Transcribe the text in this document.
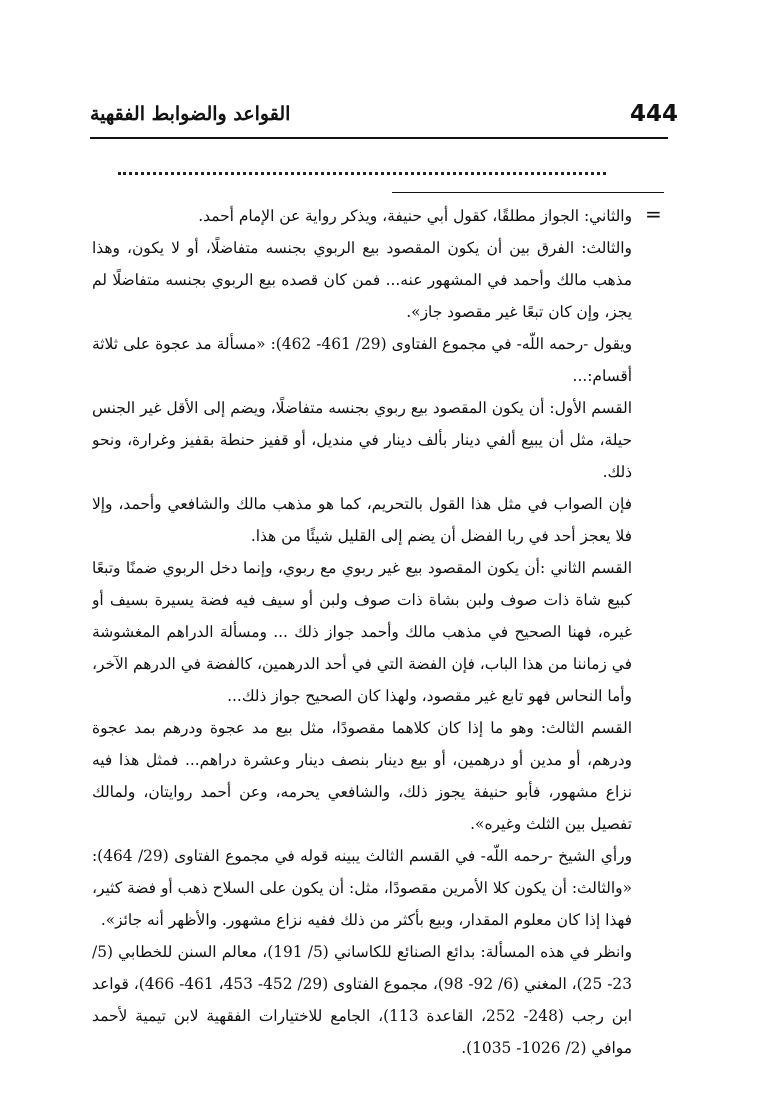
444
القواعد والضوابط الفقهية
=

والثاني: الجواز مطلقًا، كقول أبي حنيفة، ويذكر رواية عن الإمام أحمد.

والثالث: الفرق بين أن يكون المقصود بيع الربوي بجنسه متفاضلًا، أو لا يكون، وهذا مذهب مالك وأحمد في المشهور عنه... فمن كان قصده بيع الربوي بجنسه متفاضلًا لم يجز، وإن كان تبعًا غير مقصود جاز».

ويقول -رحمه اللّه- في مجموع الفتاوى (29/ 461- 462): «مسألة مد عجوة على ثلاثة أقسام:...

القسم الأول: أن يكون المقصود بيع ربوي بجنسه متفاضلًا، ويضم إلى الأقل غير الجنس حيلة، مثل أن يبيع ألفي دينار بألف دينار في منديل، أو قفيز حنطة بقفيز وغرارة، ونحو ذلك.

فإن الصواب في مثل هذا القول بالتحريم، كما هو مذهب مالك والشافعي وأحمد، وإلا فلا يعجز أحد في ربا الفضل أن يضم إلى القليل شيئًا من هذا.

القسم الثاني :أن يكون المقصود بيع غير ربوي مع ربوي، وإنما دخل الربوي ضمنًا وتبعًا كبيع شاة ذات صوف ولبن بشاة ذات صوف ولبن أو سيف فيه فضة يسيرة بسيف أو غيره، فهنا الصحيح في مذهب مالك وأحمد جواز ذلك ... ومسألة الدراهم المغشوشة في زماننا من هذا الباب، فإن الفضة التي في أحد الدرهمين، كالفضة في الدرهم الآخر، وأما النحاس فهو تابع غير مقصود، ولهذا كان الصحيح جواز ذلك...

القسم الثالث: وهو ما إذا كان كلاهما مقصودًا، مثل بيع مد عجوة ودرهم بمد عجوة ودرهم، أو مدين أو درهمين، أو بيع دينار بنصف دينار وعشرة دراهم... فمثل هذا فيه نزاع مشهور، فأبو حنيفة يجوز ذلك، والشافعي يحرمه، وعن أحمد روايتان، ولمالك تفصيل بين الثلث وغيره».

ورأي الشيخ -رحمه اللّه- في القسم الثالث يبينه قوله في مجموع الفتاوى (29/ 464): «والثالث: أن يكون كلا الأمرين مقصودًا، مثل: أن يكون على السلاح ذهب أو فضة كثير، فهذا إذا كان معلوم المقدار، وبيع بأكثر من ذلك ففيه نزاع مشهور. والأظهر أنه جائز».

وانظر في هذه المسألة: بدائع الصنائع للكاساني (5/ 191)، معالم السنن للخطابي (5/ 23- 25)، المغني (6/ 92- 98)، مجموع الفتاوى (29/ 452- 453، 461- 466)، قواعد ابن رجب (248- 252، القاعدة 113)، الجامع للاختيارات الفقهية لابن تيمية لأحمد موافي (2/ 1026- 1035).
